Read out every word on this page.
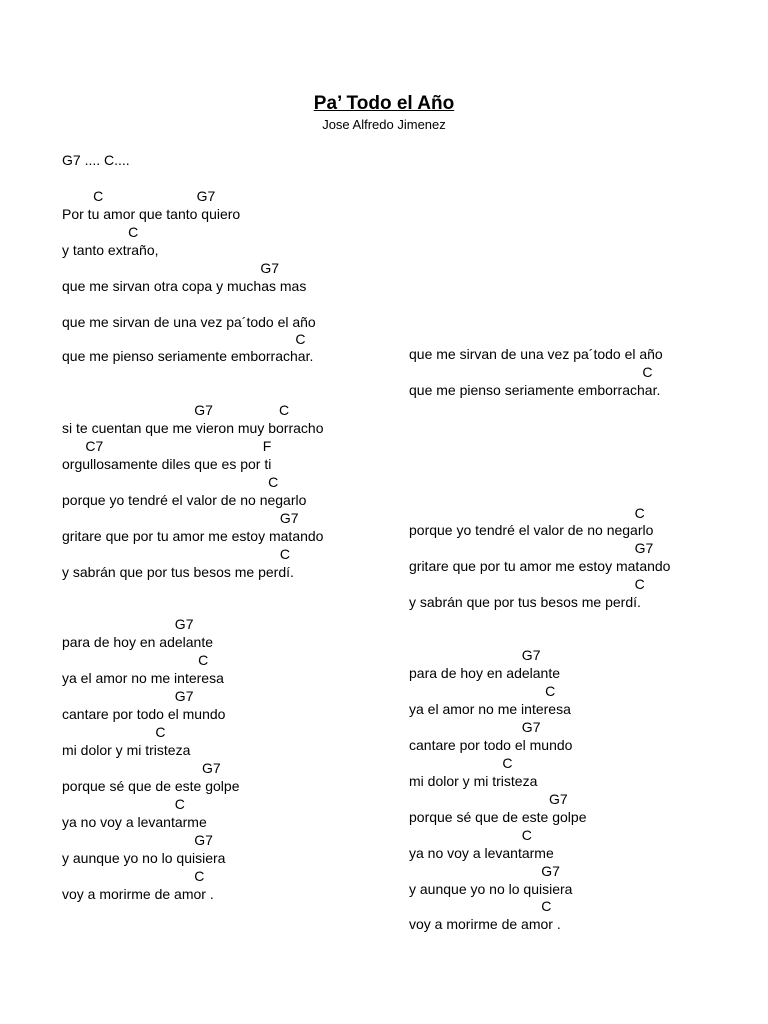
Pa’ Todo el Año
Jose Alfredo Jimenez
G7 .... C....
C                        G7
Por tu amor que tanto quiero
C
y tanto extraño,
G7
que me sirvan otra copa y muchas mas
que me sirvan de una vez pa´todo el año
C
que me pienso seriamente emborrachar.
G7                 C
si te cuentan que me vieron muy borracho
C7                                         F
orgullosamente diles que es por ti
C
porque yo tendré el valor de no negarlo
G7
gritare que por tu amor me estoy matando
C
y sabrán que por tus besos me perdí.
G7
para de hoy en adelante
C
ya el amor no me interesa
G7
cantare por todo el mundo
C
mi dolor y mi tristeza
G7
porque sé que de este golpe
C
ya no voy a levantarme
G7
y aunque yo no lo quisiera
C
voy a morirme de amor .
que me sirvan de una vez pa´todo el año
C
que me pienso seriamente emborrachar.
C
porque yo tendré el valor de no negarlo
G7
gritare que por tu amor me estoy matando
C
y sabrán que por tus besos me perdí.
G7
para de hoy en adelante
C
ya el amor no me interesa
G7
cantare por todo el mundo
C
mi dolor y mi tristeza
G7
porque sé que de este golpe
C
ya no voy a levantarme
G7
y aunque yo no lo quisiera
C
voy a morirme de amor .
